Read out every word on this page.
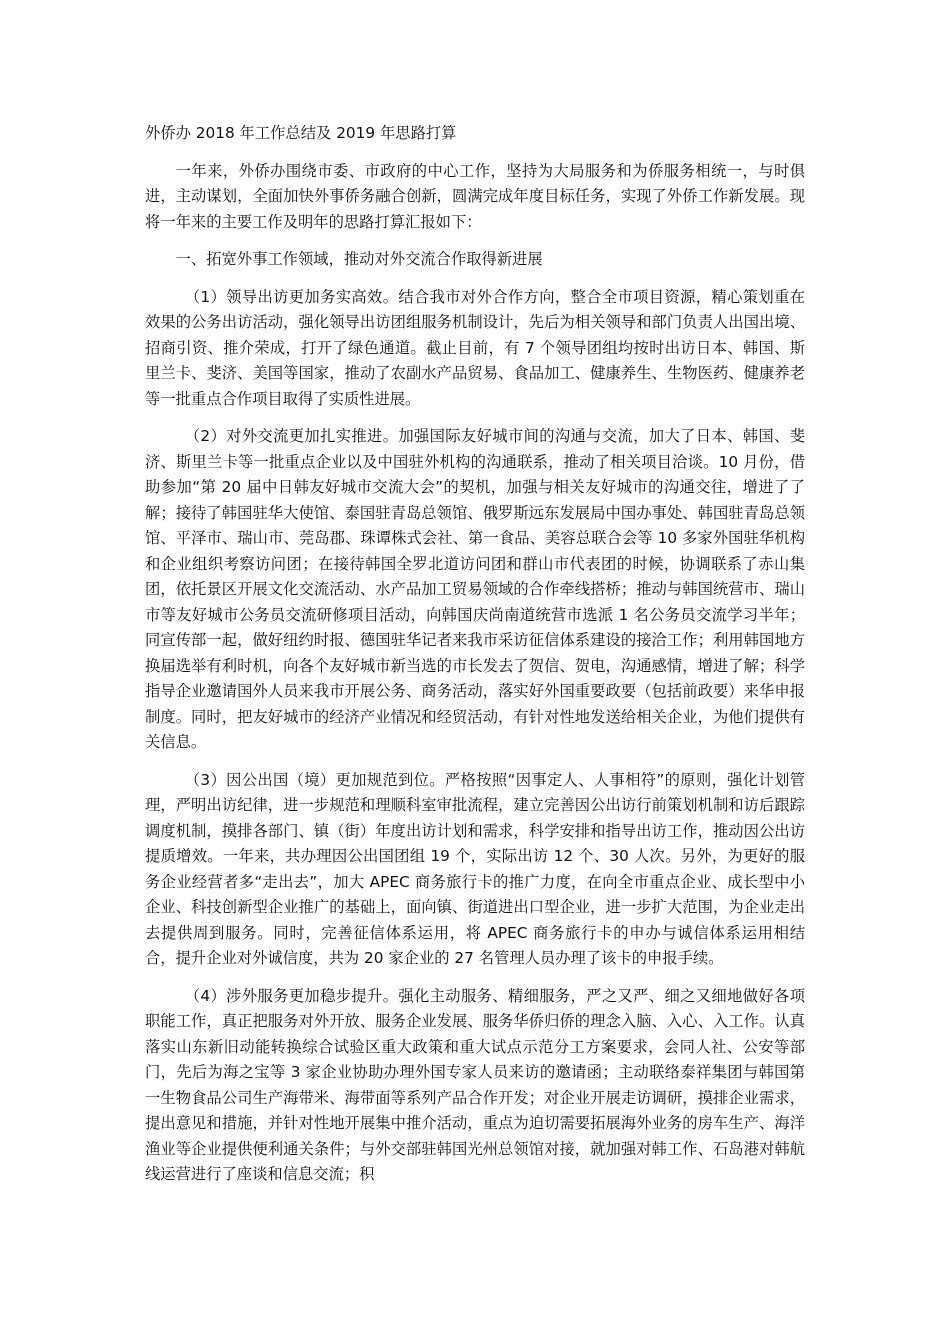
外侨办 2018 年工作总结及 2019 年思路打算

一年来，外侨办围绕市委、市政府的中心工作，坚持为大局服务和为侨服务相统一，与时俱进，主动谋划，全面加快外事侨务融合创新，圆满完成年度目标任务，实现了外侨工作新发展。现将一年来的主要工作及明年的思路打算汇报如下：

一、拓宽外事工作领域，推动对外交流合作取得新进展

（1）领导出访更加务实高效。结合我市对外合作方向，整合全市项目资源，精心策划重在效果的公务出访活动，强化领导出访团组服务机制设计，先后为相关领导和部门负责人出国出境、招商引资、推介荣成，打开了绿色通道。截止目前，有 7 个领导团组均按时出访日本、韩国、斯里兰卡、斐济、美国等国家，推动了农副水产品贸易、食品加工、健康养生、生物医药、健康养老等一批重点合作项目取得了实质性进展。

（2）对外交流更加扎实推进。加强国际友好城市间的沟通与交流，加大了日本、韩国、斐济、斯里兰卡等一批重点企业以及中国驻外机构的沟通联系，推动了相关项目洽谈。10 月份，借助参加“第 20 届中日韩友好城市交流大会”的契机，加强与相关友好城市的沟通交往，增进了了解；接待了韩国驻华大使馆、泰国驻青岛总领馆、俄罗斯远东发展局中国办事处、韩国驻青岛总领馆、平泽市、瑞山市、莞岛郡、珠谭株式会社、第一食品、美容总联合会等 10 多家外国驻华机构和企业组织考察访问团；在接待韩国全罗北道访问团和群山市代表团的时候，协调联系了赤山集团，依托景区开展文化交流活动、水产品加工贸易领域的合作牵线搭桥；推动与韩国统营市、瑞山市等友好城市公务员交流研修项目活动，向韩国庆尚南道统营市选派 1 名公务员交流学习半年；同宣传部一起，做好纽约时报、德国驻华记者来我市采访征信体系建设的接洽工作；利用韩国地方换届选举有利时机，向各个友好城市新当选的市长发去了贺信、贺电，沟通感情，增进了解；科学指导企业邀请国外人员来我市开展公务、商务活动，落实好外国重要政要（包括前政要）来华申报制度。同时，把友好城市的经济产业情况和经贸活动，有针对性地发送给相关企业，为他们提供有关信息。

（3）因公出国（境）更加规范到位。严格按照“因事定人、人事相符”的原则，强化计划管理，严明出访纪律，进一步规范和理顺科室审批流程，建立完善因公出访行前策划机制和访后跟踪调度机制，摸排各部门、镇（街）年度出访计划和需求，科学安排和指导出访工作，推动因公出访提质增效。一年来，共办理因公出国团组 19 个，实际出访 12 个、30 人次。另外，为更好的服务企业经营者多“走出去”，加大 APEC 商务旅行卡的推广力度，在向全市重点企业、成长型中小企业、科技创新型企业推广的基础上，面向镇、街道进出口型企业，进一步扩大范围，为企业走出去提供周到服务。同时，完善征信体系运用，将 APEC 商务旅行卡的申办与诚信体系运用相结合，提升企业对外诚信度，共为 20 家企业的 27 名管理人员办理了该卡的申报手续。

（4）涉外服务更加稳步提升。强化主动服务、精细服务，严之又严、细之又细地做好各项职能工作，真正把服务对外开放、服务企业发展、服务华侨归侨的理念入脑、入心、入工作。认真落实山东新旧动能转换综合试验区重大政策和重大试点示范分工方案要求，会同人社、公安等部门，先后为海之宝等 3 家企业协助办理外国专家人员来访的邀请函；主动联络泰祥集团与韩国第一生物食品公司生产海带米、海带面等系列产品合作开发；对企业开展走访调研，摸排企业需求，提出意见和措施，并针对性地开展集中推介活动，重点为迫切需要拓展海外业务的房车生产、海洋渔业等企业提供便利通关条件；与外交部驻韩国光州总领馆对接，就加强对韩工作、石岛港对韩航线运营进行了座谈和信息交流；积
